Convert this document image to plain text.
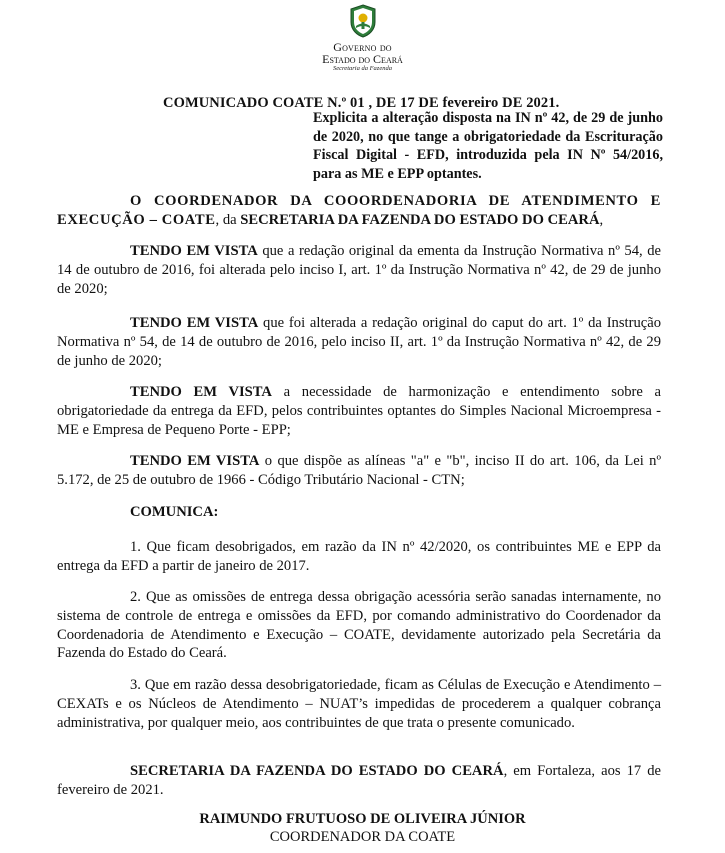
Governo do
Estado do Ceará
Secretaria da Fazenda
COMUNICADO COATE N.º 01 , DE 17 DE fevereiro DE 2021.
Explicita a alteração disposta na IN nº 42, de 29 de junho de 2020, no que tange a obrigatoriedade da Escrituração Fiscal Digital - EFD, introduzida pela IN Nº 54/2016, para as ME e EPP optantes.
O COORDENADOR DA COOORDENADORIA DE ATENDIMENTO E EXECUÇÃO – COATE, da SECRETARIA DA FAZENDA DO ESTADO DO CEARÁ,
TENDO EM VISTA que a redação original da ementa da Instrução Normativa nº 54, de 14 de outubro de 2016, foi alterada pelo inciso I, art. 1º da Instrução Normativa nº 42, de 29 de junho de 2020;
TENDO EM VISTA que foi alterada a redação original do caput do art. 1º da Instrução Normativa nº 54, de 14 de outubro de 2016, pelo inciso II, art. 1º da Instrução Normativa nº 42, de 29 de junho de 2020;
TENDO EM VISTA a necessidade de harmonização e entendimento sobre a obrigatoriedade da entrega da EFD, pelos contribuintes optantes do Simples Nacional Microempresa - ME e Empresa de Pequeno Porte - EPP;
TENDO EM VISTA o que dispõe as alíneas "a" e "b", inciso II do art. 106, da Lei nº 5.172, de 25 de outubro de 1966 - Código Tributário Nacional - CTN;
COMUNICA:
1. Que ficam desobrigados, em razão da IN nº 42/2020, os contribuintes ME e EPP da entrega da EFD a partir de janeiro de 2017.
2. Que as omissões de entrega dessa obrigação acessória serão sanadas internamente, no sistema de controle de entrega e omissões da EFD, por comando administrativo do Coordenador da Coordenadoria de Atendimento e Execução – COATE, devidamente autorizado pela Secretária da Fazenda do Estado do Ceará.
3. Que em razão dessa desobrigatoriedade, ficam as Células de Execução e Atendimento – CEXATs e os Núcleos de Atendimento – NUAT’s impedidas de procederem a qualquer cobrança administrativa, por qualquer meio, aos contribuintes de que trata o presente comunicado.
SECRETARIA DA FAZENDA DO ESTADO DO CEARÁ, em Fortaleza, aos 17 de fevereiro de 2021.
RAIMUNDO FRUTUOSO DE OLIVEIRA JÚNIOR
COORDENADOR DA COATE
